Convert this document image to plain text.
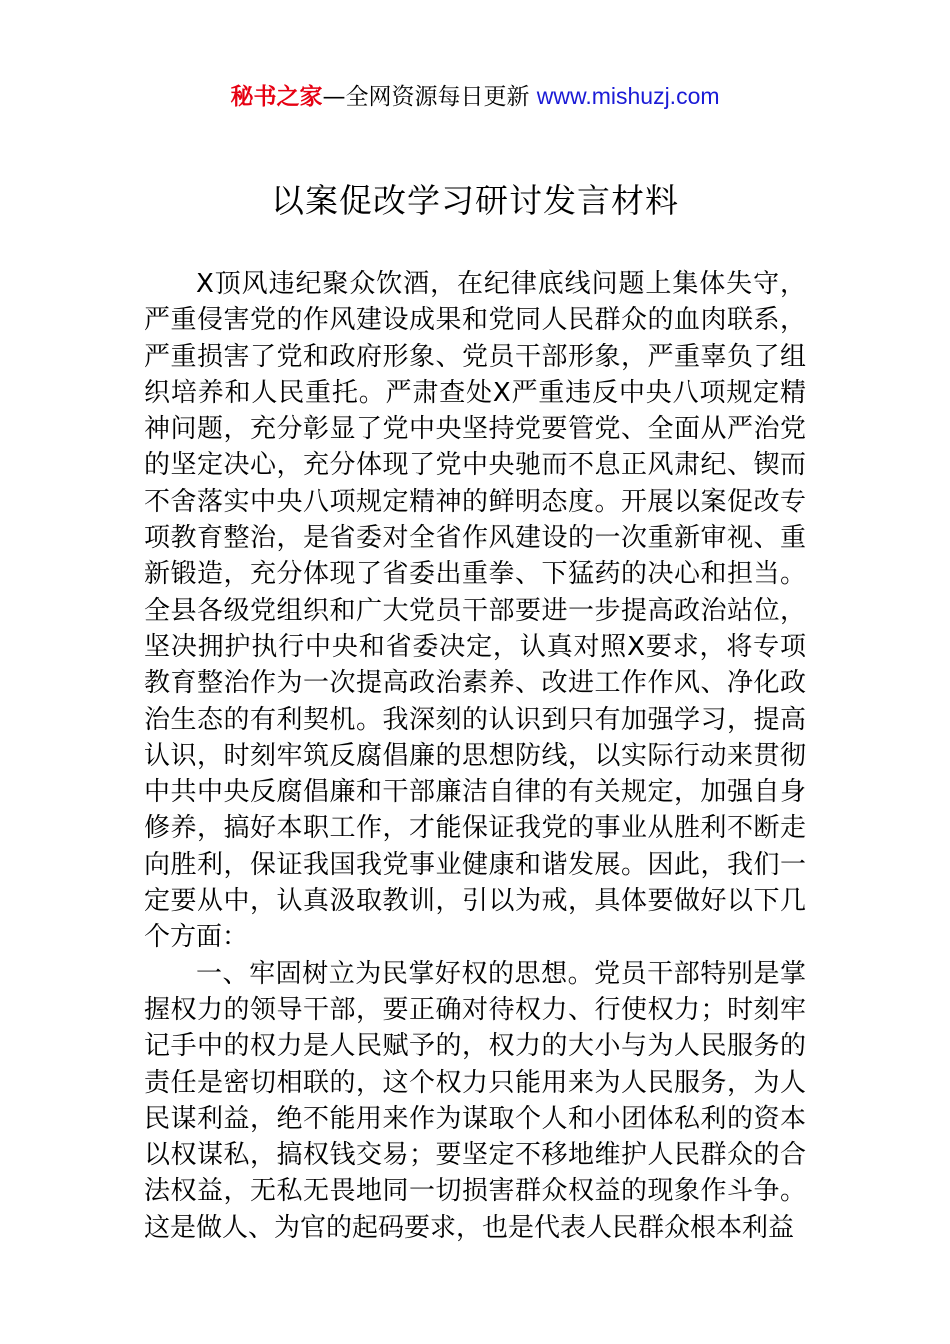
秘书之家—全网资源每日更新 www.mishuzj.com
以案促改学习研讨发言材料

X顶风违纪聚众饮酒，在纪律底线问题上集体失守，严重侵害党的作风建设成果和党同人民群众的血肉联系，严重损害了党和政府形象、党员干部形象，严重辜负了组织培养和人民重托。严肃查处X严重违反中央八项规定精神问题，充分彰显了党中央坚持党要管党、全面从严治党的坚定决心，充分体现了党中央驰而不息正风肃纪、锲而不舍落实中央八项规定精神的鲜明态度。开展以案促改专项教育整治，是省委对全省作风建设的一次重新审视、重新锻造，充分体现了省委出重拳、下猛药的决心和担当。全县各级党组织和广大党员干部要进一步提高政治站位，坚决拥护执行中央和省委决定，认真对照X要求，将专项教育整治作为一次提高政治素养、改进工作作风、净化政治生态的有利契机。我深刻的认识到只有加强学习，提高认识，时刻牢筑反腐倡廉的思想防线，以实际行动来贯彻中共中央反腐倡廉和干部廉洁自律的有关规定，加强自身修养，搞好本职工作，才能保证我党的事业从胜利不断走向胜利，保证我国我党事业健康和谐发展。因此，我们一定要从中，认真汲取教训，引以为戒，具体要做好以下几个方面：

一、牢固树立为民掌好权的思想。党员干部特别是掌握权力的领导干部，要正确对待权力、行使权力；时刻牢记手中的权力是人民赋予的，权力的大小与为人民服务的责任是密切相联的，这个权力只能用来为人民服务，为人民谋利益，绝不能用来作为谋取个人和小团体私利的资本以权谋私，搞权钱交易；要坚定不移地维护人民群众的合法权益，无私无畏地同一切损害群众权益的现象作斗争。这是做人、为官的起码要求，也是代表人民群众根本利益
